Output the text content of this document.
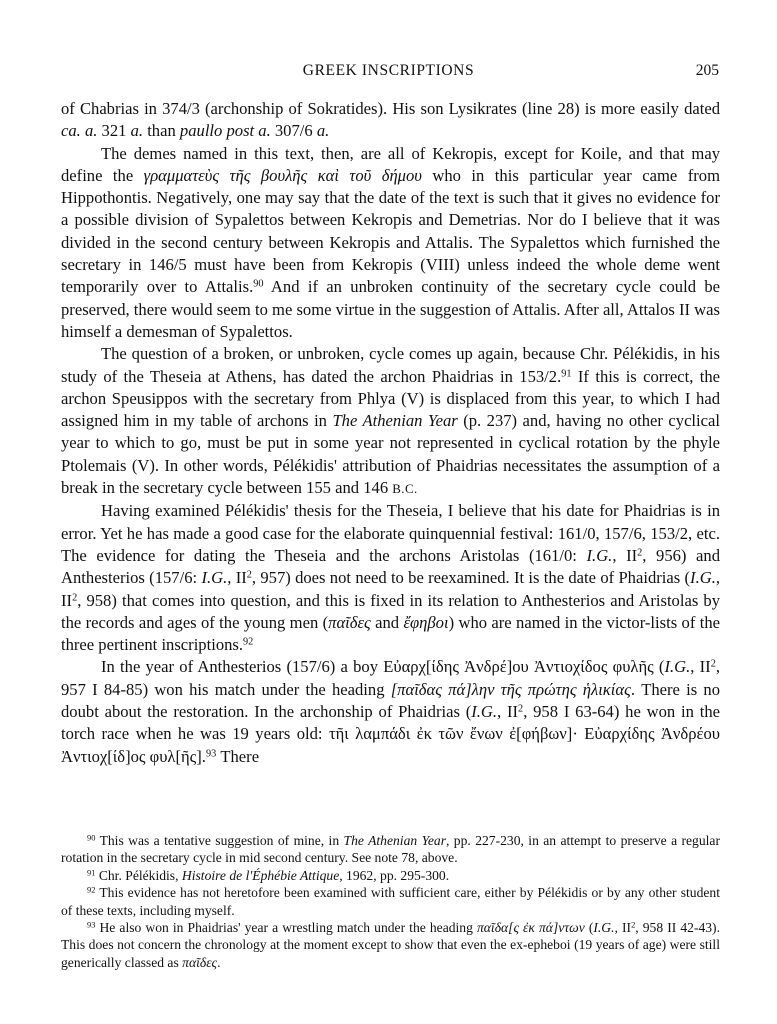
GREEK INSCRIPTIONS	205

of Chabrias in 374/3 (archonship of Sokratides). His son Lysikrates (line 28) is more easily dated ca. a. 321 a. than paullo post a. 307/6 a.

The demes named in this text, then, are all of Kekropis, except for Koile, and that may define the γραμματεὺς τῆς βουλῆς καὶ τοῦ δήμου who in this particular year came from Hippothontis. Negatively, one may say that the date of the text is such that it gives no evidence for a possible division of Sypalettos between Kekropis and Demetrias. Nor do I believe that it was divided in the second century between Kekropis and Attalis. The Sypalettos which furnished the secretary in 146/5 must have been from Kekropis (VIII) unless indeed the whole deme went temporarily over to Attalis.$^{90}$ And if an unbroken continuity of the secretary cycle could be preserved, there would seem to me some virtue in the suggestion of Attalis. After all, Attalos II was himself a demesman of Sypalettos.

The question of a broken, or unbroken, cycle comes up again, because Chr. Pélékidis, in his study of the Theseia at Athens, has dated the archon Phaidrias in 153/2.91 If this is correct, the archon Speusippos with the secretary from Phlya (V) is displaced from this year, to which I had assigned him in my table of archons in The Athenian Year (p. 237) and, having no other cyclical year to which to go, must be put in some year not represented in cyclical rotation by the phyle Ptolemais (V). In other words, Pélékidis' attribution of Phaidrias necessitates the assumption of a break in the secretary cycle between 155 and 146 B.C.

Having examined Pélékidis' thesis for the Theseia, I believe that his date for Phaidrias is in error. Yet he has made a good case for the elaborate quinquennial festival: 161/0, 157/6, 153/2, etc. The evidence for dating the Theseia and the archons Aristolas (161/0: I.G., $II^2$, 956) and Anthesterios (157/6: I.G., $II^2$, 957) does not need to be reexamined. It is the date of Phaidrias (I.G., $II^2$, 958) that comes into question, and this is fixed in its relation to Anthesterios and Aristolas by the records and ages of the young men (παῖδες and ἔφηβοι) who are named in the victor-lists of the three pertinent inscriptions.$^{92}$

In the year of Anthesterios (157/6) a boy Εὐαρχ[ίδης Ἀνδρέ]ου Ἀντιοχίδος φυλῆς (I.G., $II^2$, 957 I 84-85) won his match under the heading [παῖδας πά]λην τῆς πρώτης ἡλικίας. There is no doubt about the restoration. In the archonship of Phaidrias (I.G., $II^2$, 958 I 63-64) he won in the torch race when he was 19 years old: τῆι λαμπάδι ἐκ τῶν ἔνων ἐ[φήβων]· Εὐαρχίδης Ἀνδρέου Ἀντιοχ[ίδ]ος φυλ[ῆς].$^{93}$ There

$^{90}$ This was a tentative suggestion of mine, in The Athenian Year, pp. 227-230, in an attempt to preserve a regular rotation in the secretary cycle in mid second century. See note 78, above.

$^{91}$ Chr. Pélékidis, Histoire de l'Éphébie Attique, 1962, pp. 295-300.

$^{92}$ This evidence has not heretofore been examined with sufficient care, either by Pélékidis or by any other student of these texts, including myself.

$^{93}$ He also won in Phaidrias' year a wrestling match under the heading παῖδα[ς ἐκ πά]ντων (I.G., $II^2$, 958 II 42-43). This does not concern the chronology at the moment except to show that even the ex-epheboi (19 years of age) were still generically classed as παῖδες.
